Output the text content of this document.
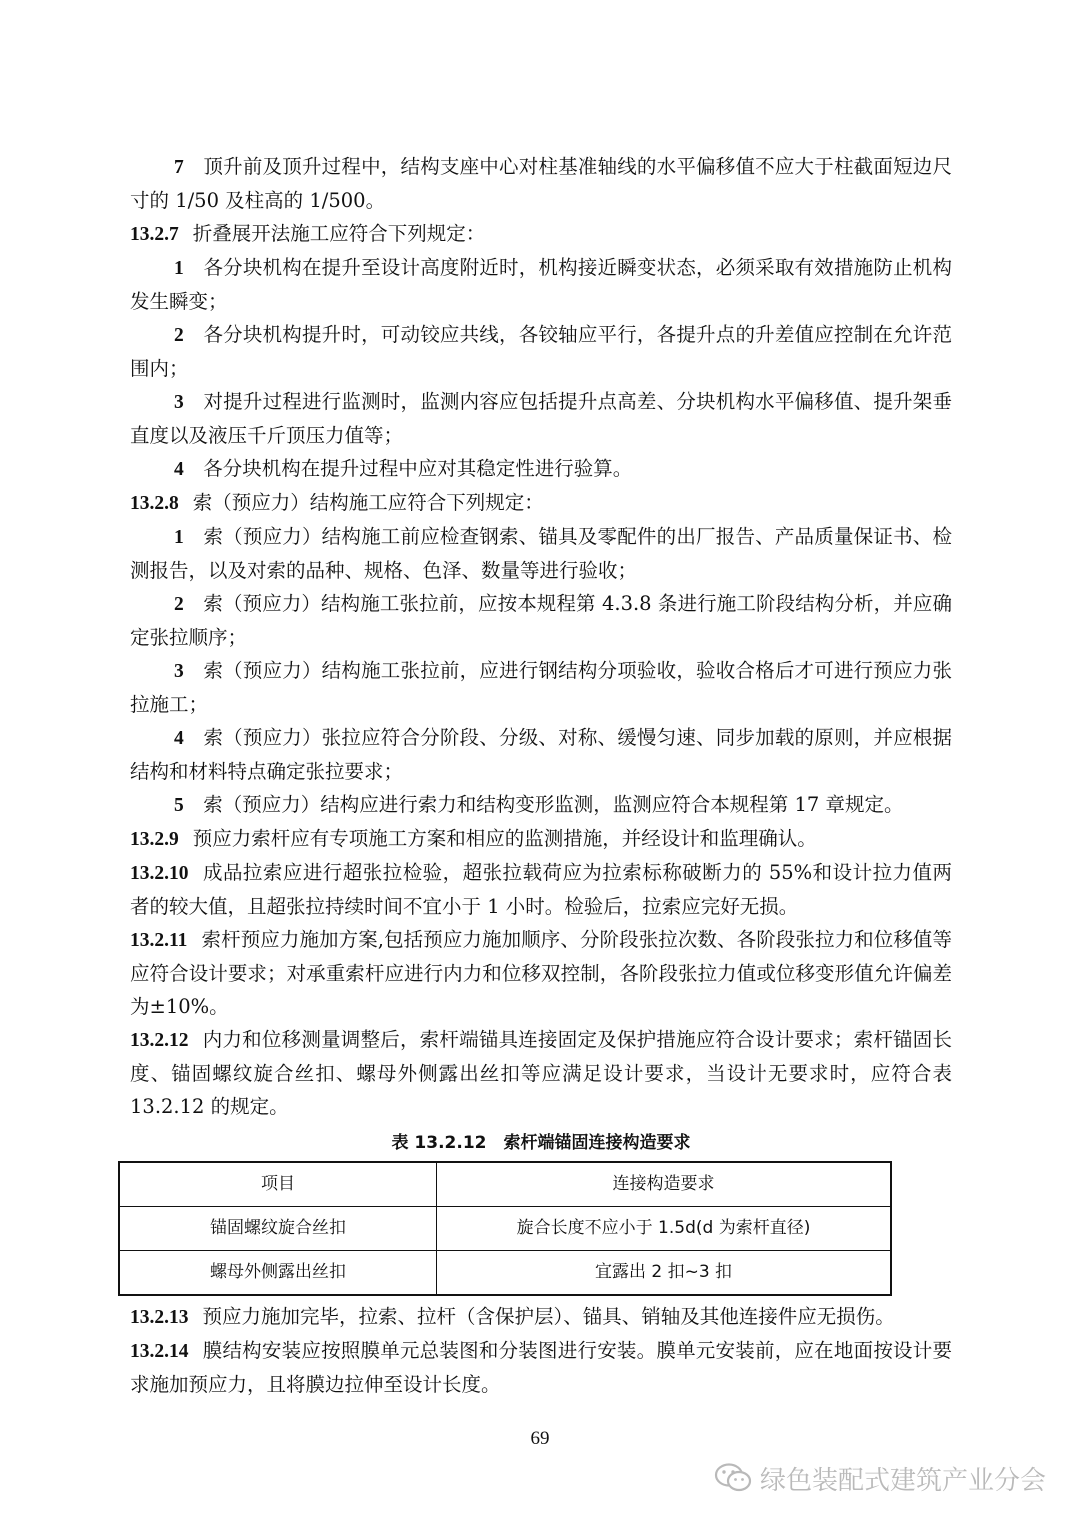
7  顶升前及顶升过程中，结构支座中心对柱基准轴线的水平偏移值不应大于柱截面短边尺寸的 1/50 及柱高的 1/500。

13.2.7 折叠展开法施工应符合下列规定：

1  各分块机构在提升至设计高度附近时，机构接近瞬变状态，必须采取有效措施防止机构发生瞬变；

2  各分块机构提升时，可动铰应共线，各铰轴应平行，各提升点的升差值应控制在允许范围内；

3  对提升过程进行监测时，监测内容应包括提升点高差、分块机构水平偏移值、提升架垂直度以及液压千斤顶压力值等；

4  各分块机构在提升过程中应对其稳定性进行验算。

13.2.8 索（预应力）结构施工应符合下列规定：

1  索（预应力）结构施工前应检查钢索、锚具及零配件的出厂报告、产品质量保证书、检测报告，以及对索的品种、规格、色泽、数量等进行验收；

2  索（预应力）结构施工张拉前，应按本规程第 4.3.8 条进行施工阶段结构分析，并应确定张拉顺序；

3  索（预应力）结构施工张拉前，应进行钢结构分项验收，验收合格后才可进行预应力张拉施工；

4  索（预应力）张拉应符合分阶段、分级、对称、缓慢匀速、同步加载的原则，并应根据结构和材料特点确定张拉要求；

5  索（预应力）结构应进行索力和结构变形监测，监测应符合本规程第 17 章规定。

13.2.9 预应力索杆应有专项施工方案和相应的监测措施，并经设计和监理确认。

13.2.10 成品拉索应进行超张拉检验，超张拉载荷应为拉索标称破断力的 55%和设计拉力值两者的较大值，且超张拉持续时间不宜小于 1 小时。检验后，拉索应完好无损。

13.2.11 索杆预应力施加方案,包括预应力施加顺序、分阶段张拉次数、各阶段张拉力和位移值等应符合设计要求；对承重索杆应进行内力和位移双控制，各阶段张拉力值或位移变形值允许偏差为±10%。

13.2.12 内力和位移测量调整后，索杆端锚具连接固定及保护措施应符合设计要求；索杆锚固长度、锚固螺纹旋合丝扣、螺母外侧露出丝扣等应满足设计要求，当设计无要求时，应符合表 13.2.12 的规定。

表 13.2.12　索杆端锚固连接构造要求
项目	连接构造要求
锚固螺纹旋合丝扣	旋合长度不应小于 1.5d(d 为索杆直径)
螺母外侧露出丝扣	宜露出 2 扣~3 扣

13.2.13 预应力施加完毕，拉索、拉杆（含保护层）、锚具、销轴及其他连接件应无损伤。

13.2.14 膜结构安装应按照膜单元总装图和分装图进行安装。膜单元安装前，应在地面按设计要求施加预应力，且将膜边拉伸至设计长度。

69
绿色装配式建筑产业分会
